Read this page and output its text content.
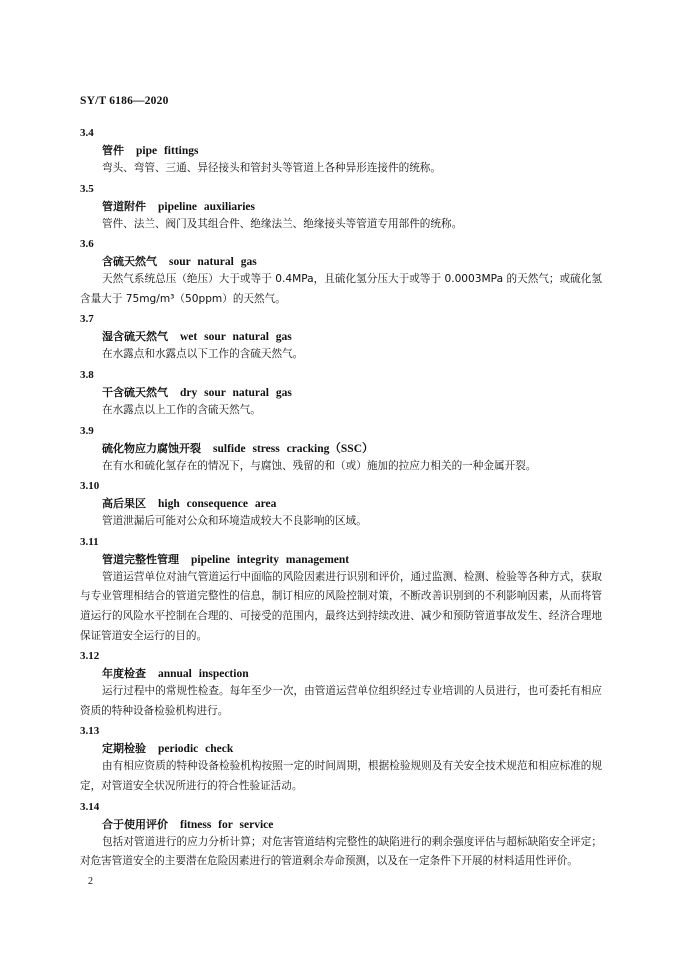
SY/T 6186—2020
3.4
管件 pipe fittings

弯头、弯管、三通、异径接头和管封头等管道上各种异形连接件的统称。

3.5
管道附件 pipeline auxiliaries

管件、法兰、阀门及其组合件、绝缘法兰、绝缘接头等管道专用部件的统称。

3.6
含硫天然气 sour natural gas

天然气系统总压（绝压）大于或等于 0.4MPa，且硫化氢分压大于或等于 0.0003MPa 的天然气；或硫化氢含量大于 75mg/m³（50ppm）的天然气。

3.7
湿含硫天然气 wet sour natural gas

在水露点和水露点以下工作的含硫天然气。

3.8
干含硫天然气 dry sour natural gas

在水露点以上工作的含硫天然气。

3.9
硫化物应力腐蚀开裂 sulfide stress cracking（SSC）

在有水和硫化氢存在的情况下，与腐蚀、残留的和（或）施加的拉应力相关的一种金属开裂。

3.10
高后果区 high consequence area

管道泄漏后可能对公众和环境造成较大不良影响的区域。

3.11
管道完整性管理 pipeline integrity management

管道运营单位对油气管道运行中面临的风险因素进行识别和评价，通过监测、检测、检验等各种方式，获取与专业管理相结合的管道完整性的信息，制订相应的风险控制对策，不断改善识别到的不利影响因素，从而将管道运行的风险水平控制在合理的、可接受的范围内，最终达到持续改进、减少和预防管道事故发生、经济合理地保证管道安全运行的目的。

3.12
年度检查 annual inspection

运行过程中的常规性检查。每年至少一次，由管道运营单位组织经过专业培训的人员进行，也可委托有相应资质的特种设备检验机构进行。

3.13
定期检验 periodic check

由有相应资质的特种设备检验机构按照一定的时间周期，根据检验规则及有关安全技术规范和相应标准的规定，对管道安全状况所进行的符合性验证活动。

3.14
合于使用评价 fitness for service

包括对管道进行的应力分析计算；对危害管道结构完整性的缺陷进行的剩余强度评估与超标缺陷安全评定；对危害管道安全的主要潜在危险因素进行的管道剩余寿命预测，以及在一定条件下开展的材料适用性评价。

2
